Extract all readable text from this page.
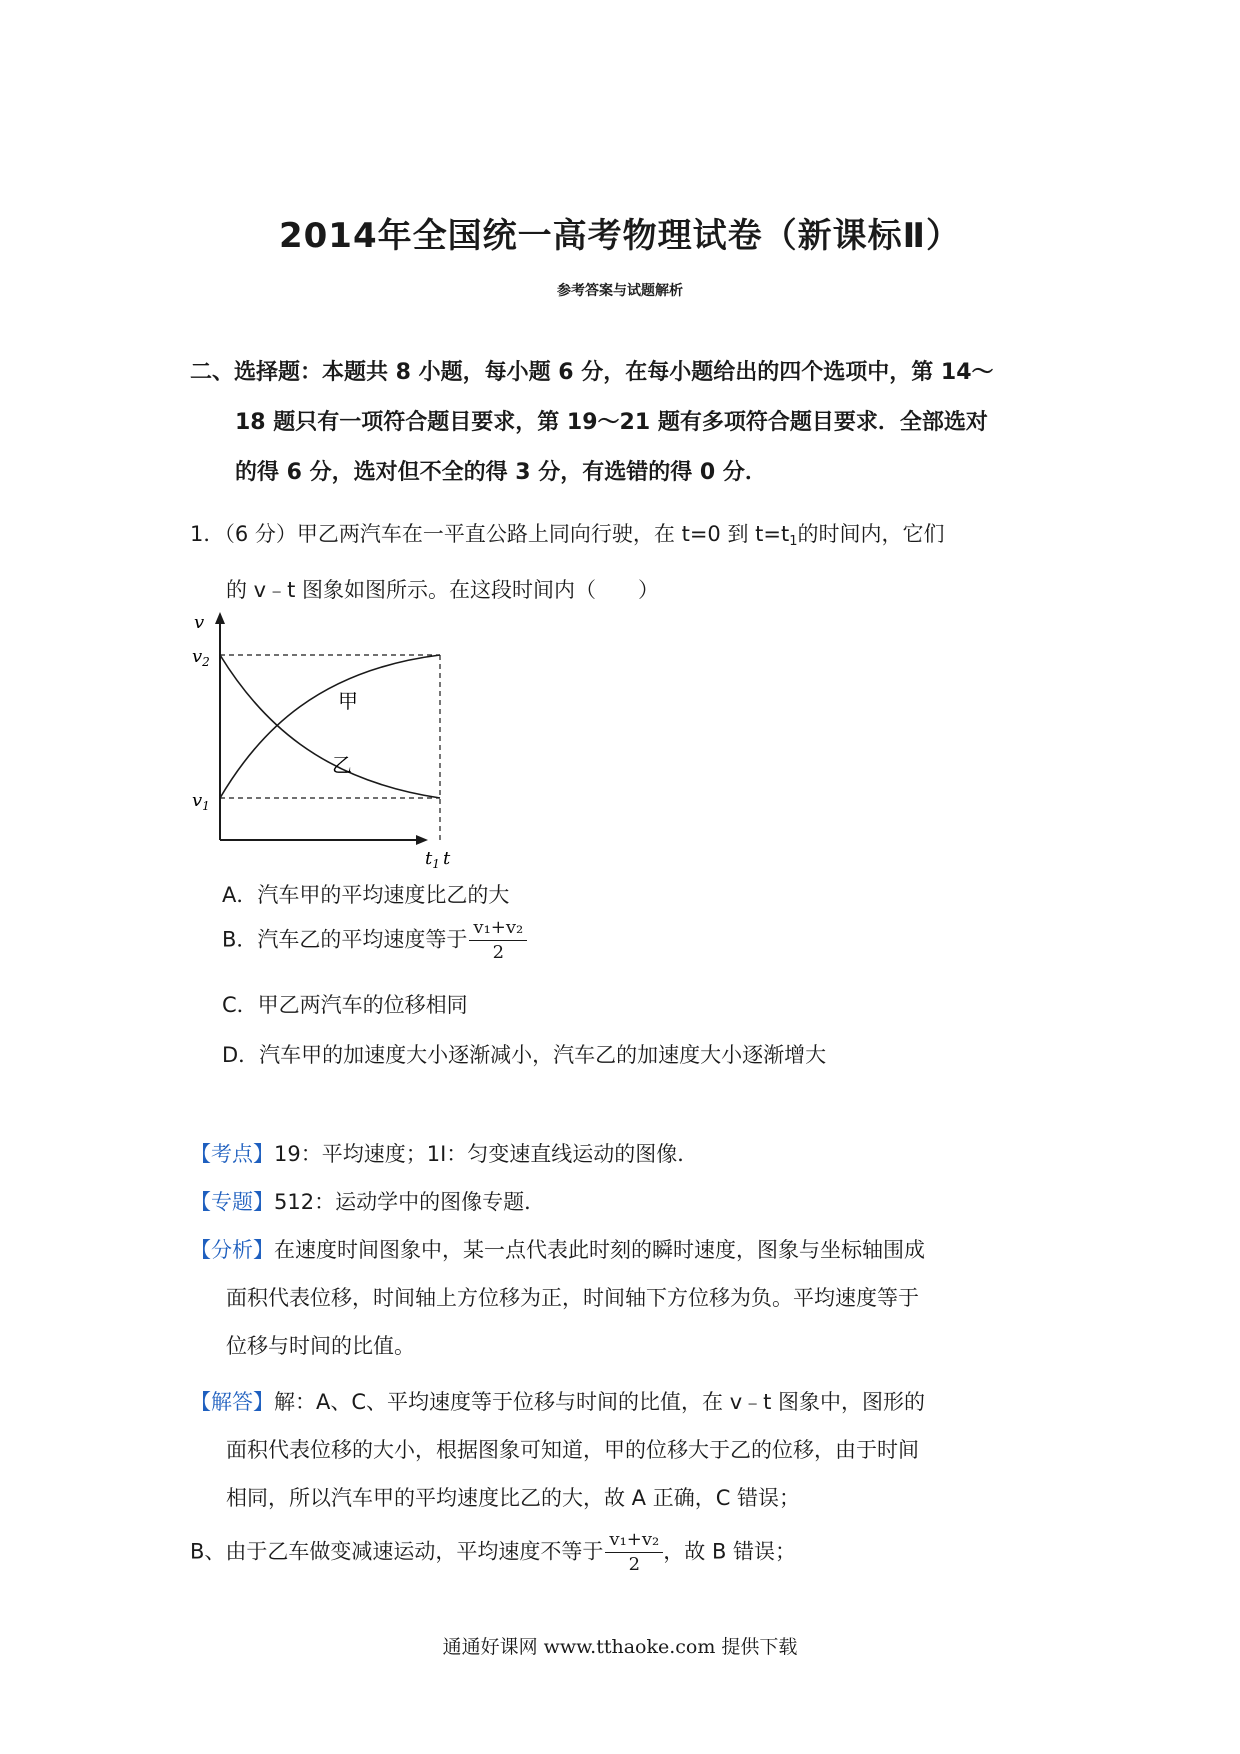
2014年全国统一高考物理试卷（新课标Ⅱ）
参考答案与试题解析
二、选择题：本题共 8 小题，每小题 6 分，在每小题给出的四个选项中，第 14～
18 题只有一项符合题目要求，第 19～21 题有多项符合题目要求．全部选对
的得 6 分，选对但不全的得 3 分，有选错的得 0 分．
1．（6 分）甲乙两汽车在一平直公路上同向行驶，在 t=0 到 $t=t_1$的时间内，它们
的 v﹣t 图象如图所示。在这段时间内（　　）
v
t
$v_2$
$v_1$
$t_1$
甲
乙
A．汽车甲的平均速度比乙的大
B．汽车乙的平均速度等于 $\frac{\text{v₁+v₂}}{2}$
C．甲乙两汽车的位移相同
D．汽车甲的加速度大小逐渐减小，汽车乙的加速度大小逐渐增大
【考点】19：平均速度；1I：匀变速直线运动的图像．
【专题】512：运动学中的图像专题．
【分析】在速度时间图象中，某一点代表此时刻的瞬时速度，图象与坐标轴围成
面积代表位移，时间轴上方位移为正，时间轴下方位移为负。平均速度等于
位移与时间的比值。
【解答】解：A、C、平均速度等于位移与时间的比值，在 v﹣t 图象中，图形的
面积代表位移的大小，根据图象可知道，甲的位移大于乙的位移，由于时间
相同，所以汽车甲的平均速度比乙的大，故 A 正确，C 错误；
B、由于乙车做变减速运动，平均速度不等于 $\frac{\text{v₁+v₂}}{2}$ ，故 B 错误；
通通好课网 www.tthaoke.com 提供下载
